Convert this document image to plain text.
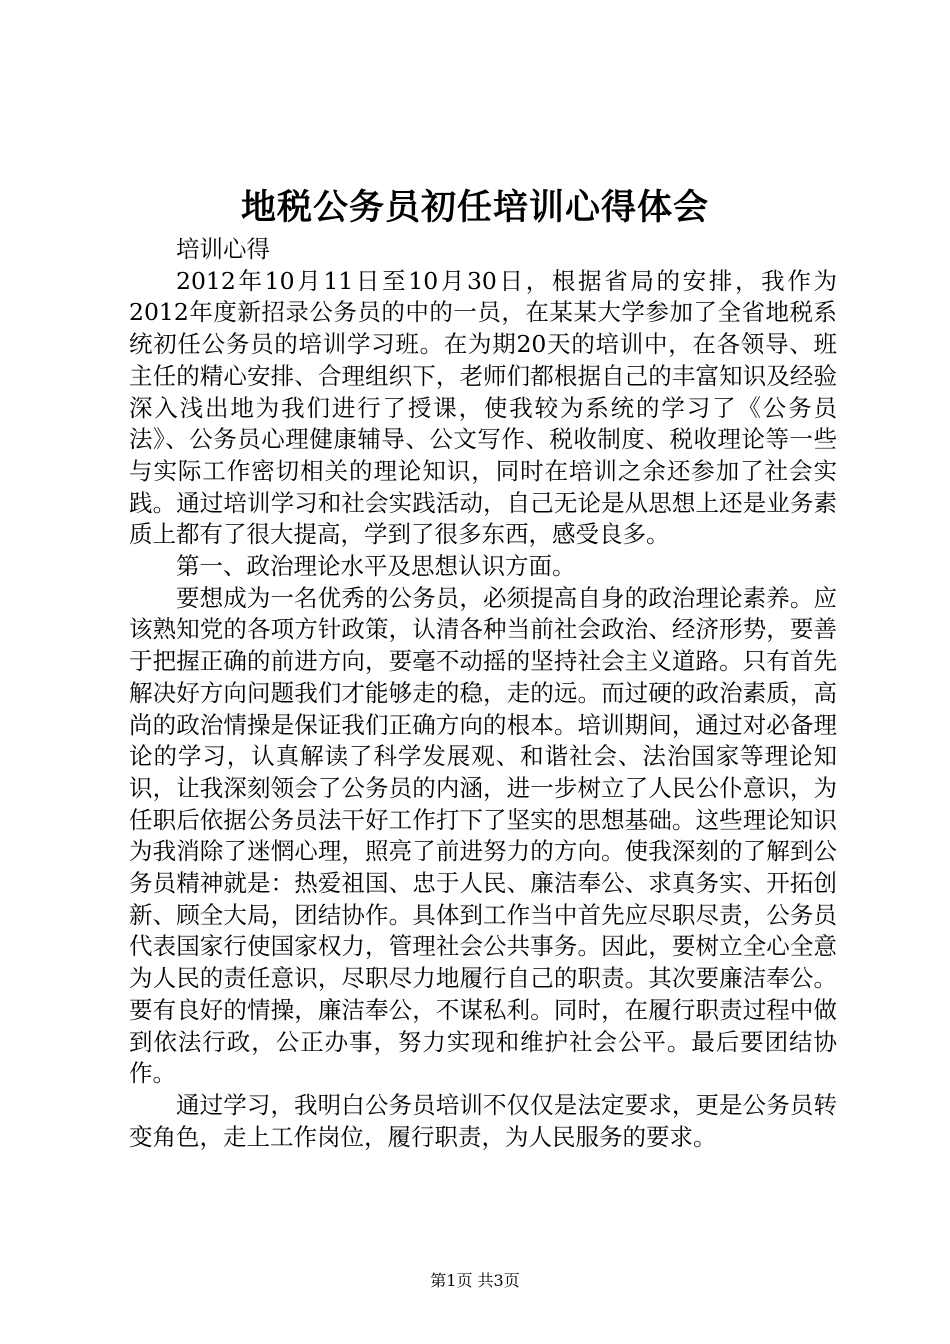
地税公务员初任培训心得体会

培训心得

2012年10月11日至10月30日，根据省局的安排，我作为2012年度新招录公务员的中的一员，在某某大学参加了全省地税系统初任公务员的培训学习班。在为期20天的培训中，在各领导、班主任的精心安排、合理组织下，老师们都根据自己的丰富知识及经验深入浅出地为我们进行了授课，使我较为系统的学习了《公务员法》、公务员心理健康辅导、公文写作、税收制度、税收理论等一些与实际工作密切相关的理论知识，同时在培训之余还参加了社会实践。通过培训学习和社会实践活动，自己无论是从思想上还是业务素质上都有了很大提高，学到了很多东西，感受良多。

第一、政治理论水平及思想认识方面。

要想成为一名优秀的公务员，必须提高自身的政治理论素养。应该熟知党的各项方针政策，认清各种当前社会政治、经济形势，要善于把握正确的前进方向，要毫不动摇的坚持社会主义道路。只有首先解决好方向问题我们才能够走的稳，走的远。而过硬的政治素质，高尚的政治情操是保证我们正确方向的根本。培训期间，通过对必备理论的学习，认真解读了科学发展观、和谐社会、法治国家等理论知识，让我深刻领会了公务员的内涵，进一步树立了人民公仆意识，为任职后依据公务员法干好工作打下了坚实的思想基础。这些理论知识为我消除了迷惘心理，照亮了前进努力的方向。使我深刻的了解到公务员精神就是：热爱祖国、忠于人民、廉洁奉公、求真务实、开拓创新、顾全大局，团结协作。具体到工作当中首先应尽职尽责，公务员代表国家行使国家权力，管理社会公共事务。因此，要树立全心全意为人民的责任意识，尽职尽力地履行自己的职责。其次要廉洁奉公。要有良好的情操，廉洁奉公，不谋私利。同时，在履行职责过程中做到依法行政，公正办事，努力实现和维护社会公平。最后要团结协作。

通过学习，我明白公务员培训不仅仅是法定要求，更是公务员转变角色，走上工作岗位，履行职责，为人民服务的要求。

第1页 共3页
